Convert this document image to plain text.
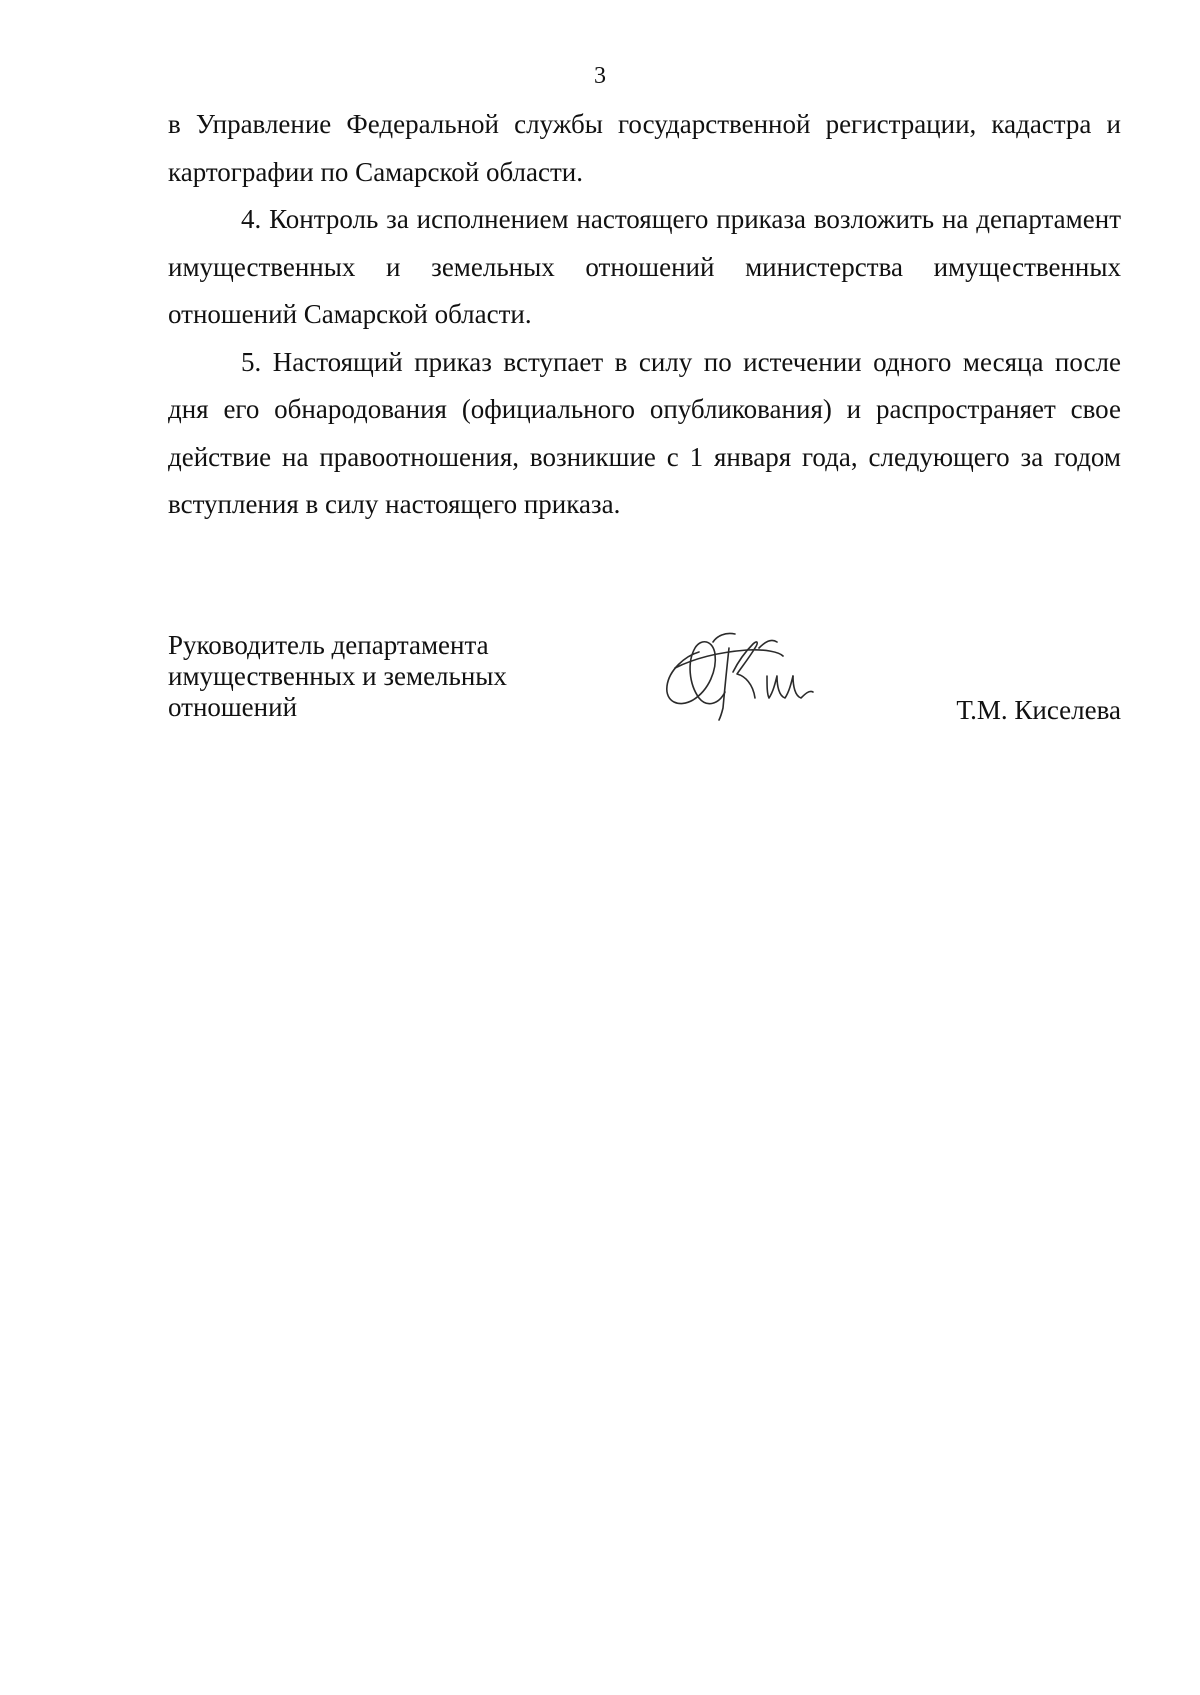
3

в Управление Федеральной службы государственной регистрации, кадастра и картографии по Самарской области.

4. Контроль за исполнением настоящего приказа возложить на департамент имущественных и земельных отношений министерства имущественных отношений Самарской области.

5. Настоящий приказ вступает в силу по истечении одного месяца после дня его обнародования (официального опубликования) и распространяет свое действие на правоотношения, возникшие с 1 января года, следующего за годом вступления в силу настоящего приказа.

Руководитель департамента
имущественных и земельных
отношений	Т.М. Киселева
